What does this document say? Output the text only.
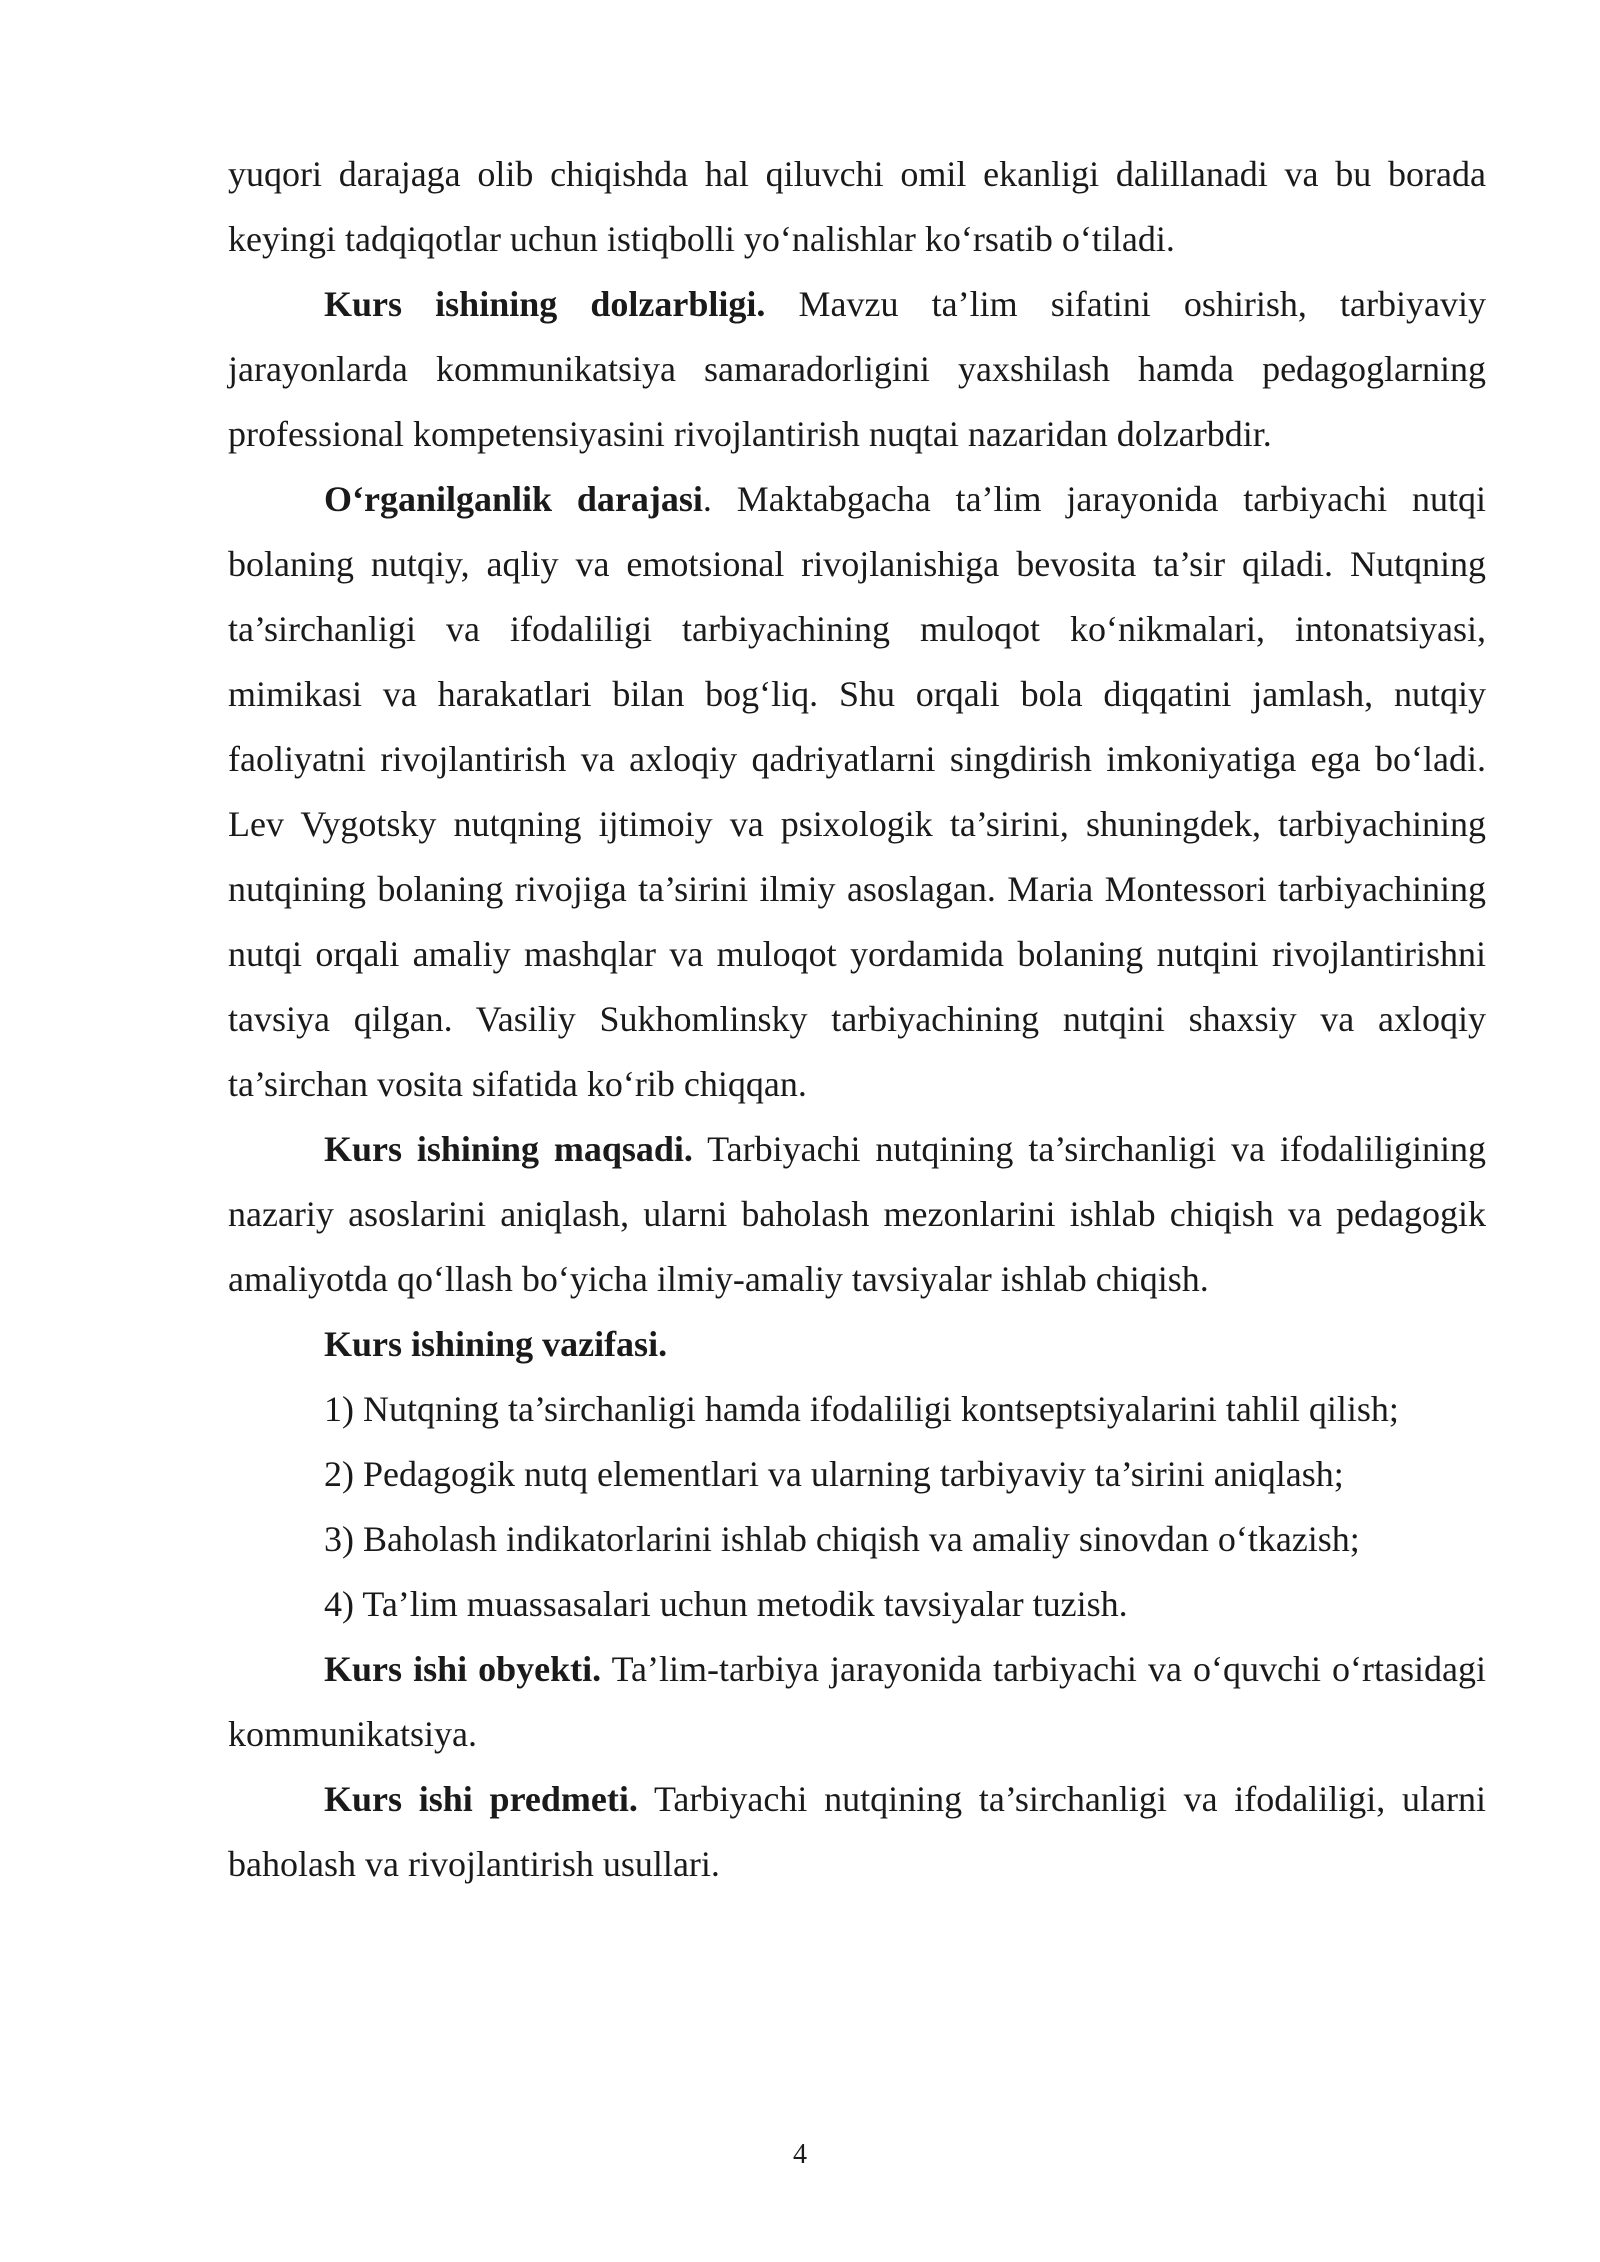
yuqori darajaga olib chiqishda hal qiluvchi omil ekanligi dalillanadi va bu borada keyingi tadqiqotlar uchun istiqbolli yo‘nalishlar ko‘rsatib o‘tiladi.

Kurs ishining dolzarbligi. Mavzu ta’lim sifatini oshirish, tarbiyaviy jarayonlarda kommunikatsiya samaradorligini yaxshilash hamda pedagoglarning professional kompetensiyasini rivojlantirish nuqtai nazaridan dolzarbdir.

O‘rganilganlik darajasi. Maktabgacha ta’lim jarayonida tarbiyachi nutqi bolaning nutqiy, aqliy va emotsional rivojlanishiga bevosita ta’sir qiladi. Nutqning ta’sirchanligi va ifodaliligi tarbiyachining muloqot ko‘nikmalari, intonatsiyasi, mimikasi va harakatlari bilan bog‘liq. Shu orqali bola diqqatini jamlash, nutqiy faoliyatni rivojlantirish va axloqiy qadriyatlarni singdirish imkoniyatiga ega bo‘ladi. Lev Vygotsky nutqning ijtimoiy va psixologik ta’sirini, shuningdek, tarbiyachining nutqining bolaning rivojiga ta’sirini ilmiy asoslagan. Maria Montessori tarbiyachining nutqi orqali amaliy mashqlar va muloqot yordamida bolaning nutqini rivojlantirishni tavsiya qilgan. Vasiliy Sukhomlinsky tarbiyachining nutqini shaxsiy va axloqiy ta’sirchan vosita sifatida ko‘rib chiqqan.

Kurs ishining maqsadi. Tarbiyachi nutqining ta’sirchanligi va ifodaliligining nazariy asoslarini aniqlash, ularni baholash mezonlarini ishlab chiqish va pedagogik amaliyotda qo‘llash bo‘yicha ilmiy-amaliy tavsiyalar ishlab chiqish.

Kurs ishining vazifasi.

1) Nutqning ta’sirchanligi hamda ifodaliligi kontseptsiyalarini tahlil qilish;

2) Pedagogik nutq elementlari va ularning tarbiyaviy ta’sirini aniqlash;

3) Baholash indikatorlarini ishlab chiqish va amaliy sinovdan o‘tkazish;

4) Ta’lim muassasalari uchun metodik tavsiyalar tuzish.

Kurs ishi obyekti. Ta’lim-tarbiya jarayonida tarbiyachi va o‘quvchi o‘rtasidagi kommunikatsiya.

Kurs ishi predmeti. Tarbiyachi nutqining ta’sirchanligi va ifodaliligi, ularni baholash va rivojlantirish usullari.

4
